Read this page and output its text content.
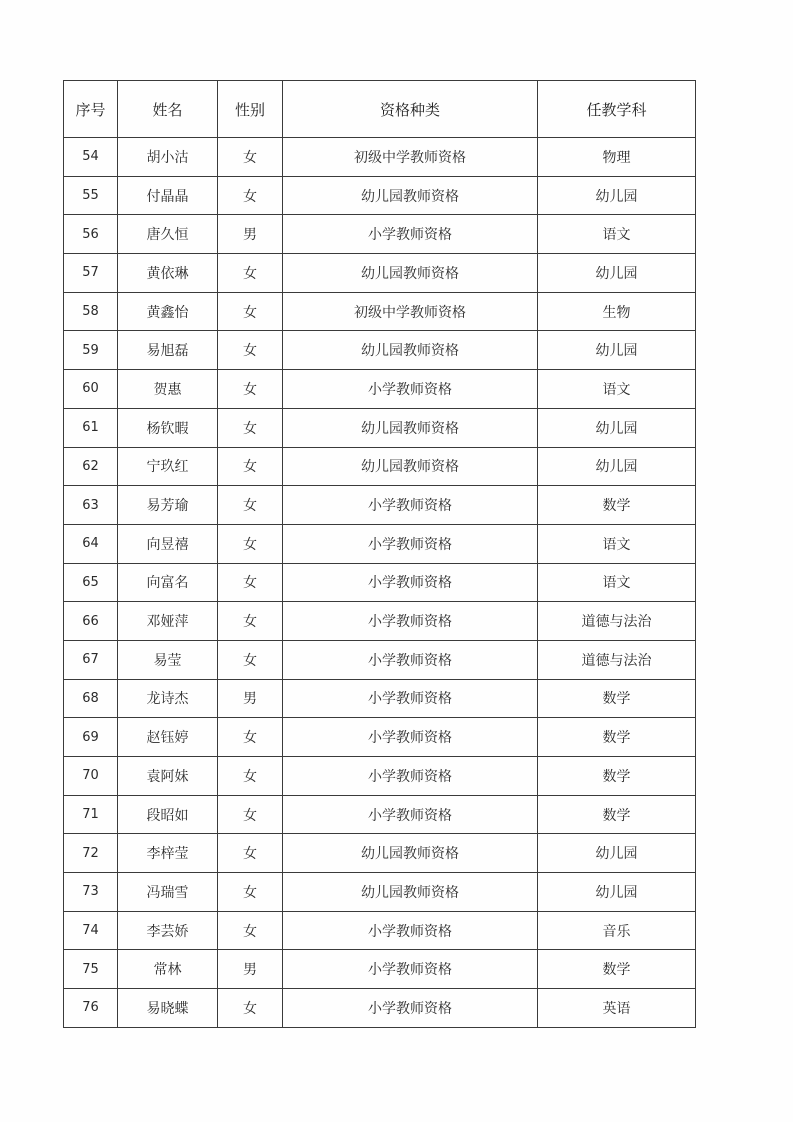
序号	姓名	性别	资格种类	任教学科
54	胡小沽	女	初级中学教师资格	物理
55	付晶晶	女	幼儿园教师资格	幼儿园
56	唐久恒	男	小学教师资格	语文
57	黄依琳	女	幼儿园教师资格	幼儿园
58	黄鑫怡	女	初级中学教师资格	生物
59	易旭磊	女	幼儿园教师资格	幼儿园
60	贺惠	女	小学教师资格	语文
61	杨钦暇	女	幼儿园教师资格	幼儿园
62	宁玖红	女	幼儿园教师资格	幼儿园
63	易芳瑜	女	小学教师资格	数学
64	向昱禧	女	小学教师资格	语文
65	向富名	女	小学教师资格	语文
66	邓娅萍	女	小学教师资格	道德与法治
67	易莹	女	小学教师资格	道德与法治
68	龙诗杰	男	小学教师资格	数学
69	赵钰婷	女	小学教师资格	数学
70	袁阿妹	女	小学教师资格	数学
71	段昭如	女	小学教师资格	数学
72	李梓莹	女	幼儿园教师资格	幼儿园
73	冯瑞雪	女	幼儿园教师资格	幼儿园
74	李芸娇	女	小学教师资格	音乐
75	常林	男	小学教师资格	数学
76	易晓蝶	女	小学教师资格	英语
